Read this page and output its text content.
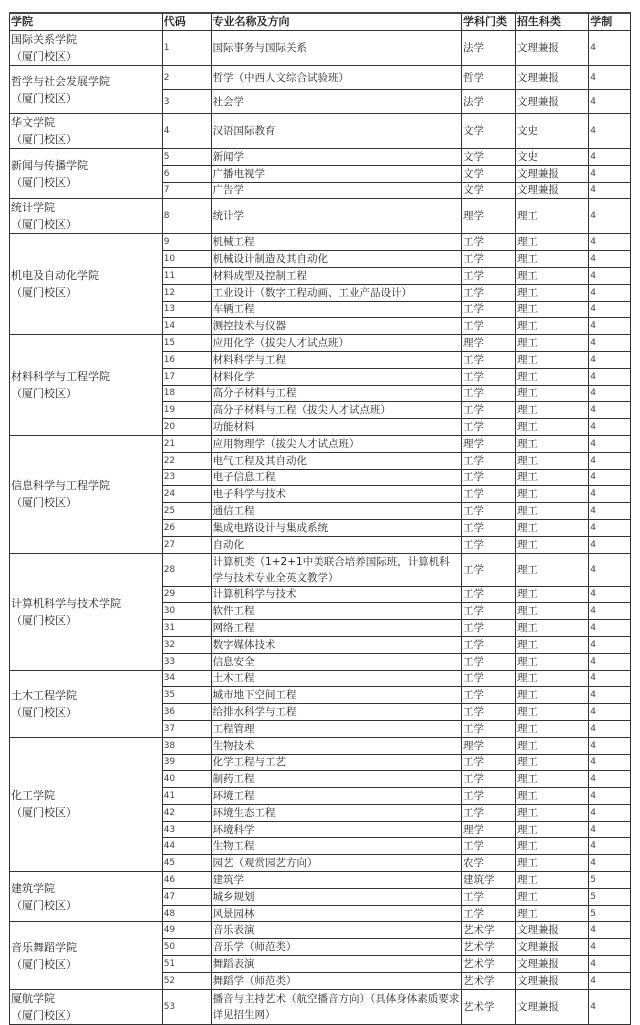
学院	代码	专业名称及方向	学科门类	招生科类	学制
国际关系学院
（厦门校区）	1	国际事务与国际关系	法学	文理兼报	4
哲学与社会发展学院
（厦门校区）	2	哲学（中西人文综合试验班）	哲学	文理兼报	4
	3	社会学	法学	文理兼报	4
华文学院
（厦门校区）	4	汉语国际教育	文学	文史	4
新闻与传播学院
（厦门校区）	5	新闻学	文学	文史	4
	6	广播电视学	文学	文理兼报	4
	7	广告学	文学	文理兼报	4
统计学院
（厦门校区）	8	统计学	理学	理工	4
机电及自动化学院
（厦门校区）	9	机械工程	工学	理工	4
	10	机械设计制造及其自动化	工学	理工	4
	11	材料成型及控制工程	工学	理工	4
	12	工业设计（数字工程动画、工业产品设计）	工学	理工	4
	13	车辆工程	工学	理工	4
	14	测控技术与仪器	工学	理工	4
材料科学与工程学院
（厦门校区）	15	应用化学（拔尖人才试点班）	理学	理工	4
	16	材料科学与工程	工学	理工	4
	17	材料化学	工学	理工	4
	18	高分子材料与工程	工学	理工	4
	19	高分子材料与工程（拔尖人才试点班）	工学	理工	4
	20	功能材料	工学	理工	4
信息科学与工程学院
（厦门校区）	21	应用物理学（拔尖人才试点班）	理学	理工	4
	22	电气工程及其自动化	工学	理工	4
	23	电子信息工程	工学	理工	4
	24	电子科学与技术	工学	理工	4
	25	通信工程	工学	理工	4
	26	集成电路设计与集成系统	工学	理工	4
	27	自动化	工学	理工	4
计算机科学与技术学院
（厦门校区）	28	计算机类（1+2+1中美联合培养国际班，计算机科学与技术专业全英文教学）	工学	理工	4
	29	计算机科学与技术	工学	理工	4
	30	软件工程	工学	理工	4
	31	网络工程	工学	理工	4
	32	数字媒体技术	工学	理工	4
	33	信息安全	工学	理工	4
土木工程学院
（厦门校区）	34	土木工程	工学	理工	4
	35	城市地下空间工程	工学	理工	4
	36	给排水科学与工程	工学	理工	4
	37	工程管理	工学	理工	4
化工学院
（厦门校区）	38	生物技术	理学	理工	4
	39	化学工程与工艺	工学	理工	4
	40	制药工程	工学	理工	4
	41	环境工程	工学	理工	4
	42	环境生态工程	工学	理工	4
	43	环境科学	理学	理工	4
	44	生物工程	工学	理工	4
	45	园艺（观赏园艺方向）	农学	理工	4
建筑学院
（厦门校区）	46	建筑学	建筑学	理工	5
	47	城乡规划	工学	理工	5
	48	风景园林	工学	理工	5
音乐舞蹈学院
（厦门校区）	49	音乐表演	艺术学	文理兼报	4
	50	音乐学（师范类）	艺术学	文理兼报	4
	51	舞蹈表演	艺术学	文理兼报	4
	52	舞蹈学（师范类）	艺术学	文理兼报	4
厦航学院
（厦门校区）	53	播音与主持艺术（航空播音方向）（具体身体素质要求详见招生网）	艺术学	文理兼报	4
